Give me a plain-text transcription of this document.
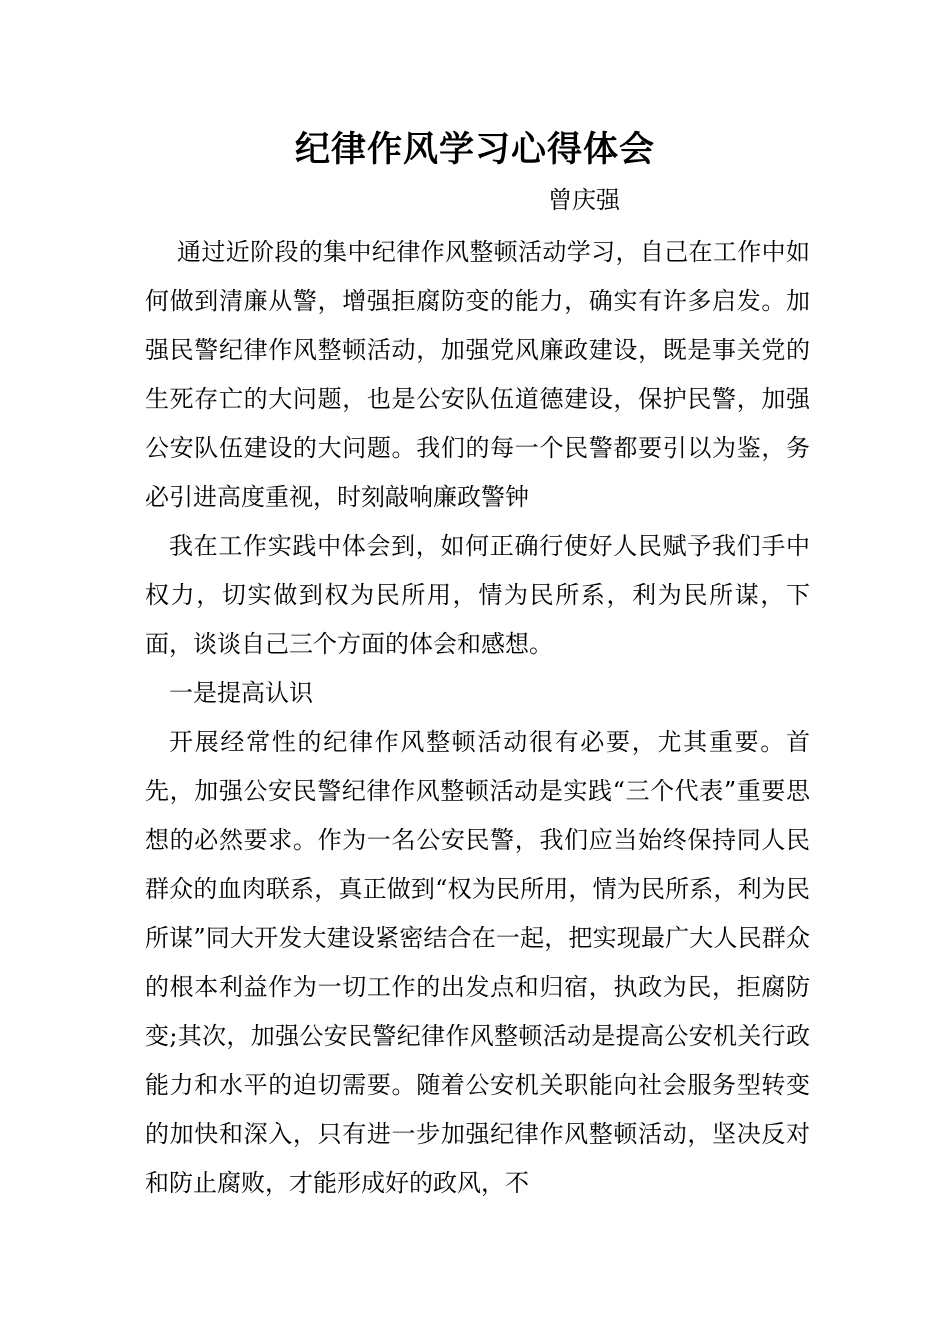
纪律作风学习心得体会

曾庆强

通过近阶段的集中纪律作风整顿活动学习，自己在工作中如何做到清廉从警，增强拒腐防变的能力，确实有许多启发。加强民警纪律作风整顿活动，加强党风廉政建设，既是事关党的生死存亡的大问题，也是公安队伍道德建设，保护民警，加强公安队伍建设的大问题。我们的每一个民警都要引以为鉴，务必引进高度重视，时刻敲响廉政警钟

我在工作实践中体会到，如何正确行使好人民赋予我们手中权力，切实做到权为民所用，情为民所系，利为民所谋，下面，谈谈自己三个方面的体会和感想。

一是提高认识

开展经常性的纪律作风整顿活动很有必要，尤其重要。首先，加强公安民警纪律作风整顿活动是实践“三个代表”重要思想的必然要求。作为一名公安民警，我们应当始终保持同人民群众的血肉联系，真正做到“权为民所用，情为民所系，利为民所谋”同大开发大建设紧密结合在一起，把实现最广大人民群众的根本利益作为一切工作的出发点和归宿，执政为民，拒腐防变;其次，加强公安民警纪律作风整顿活动是提高公安机关行政能力和水平的迫切需要。随着公安机关职能向社会服务型转变的加快和深入，只有进一步加强纪律作风整顿活动，坚决反对和防止腐败，才能形成好的政风，不
